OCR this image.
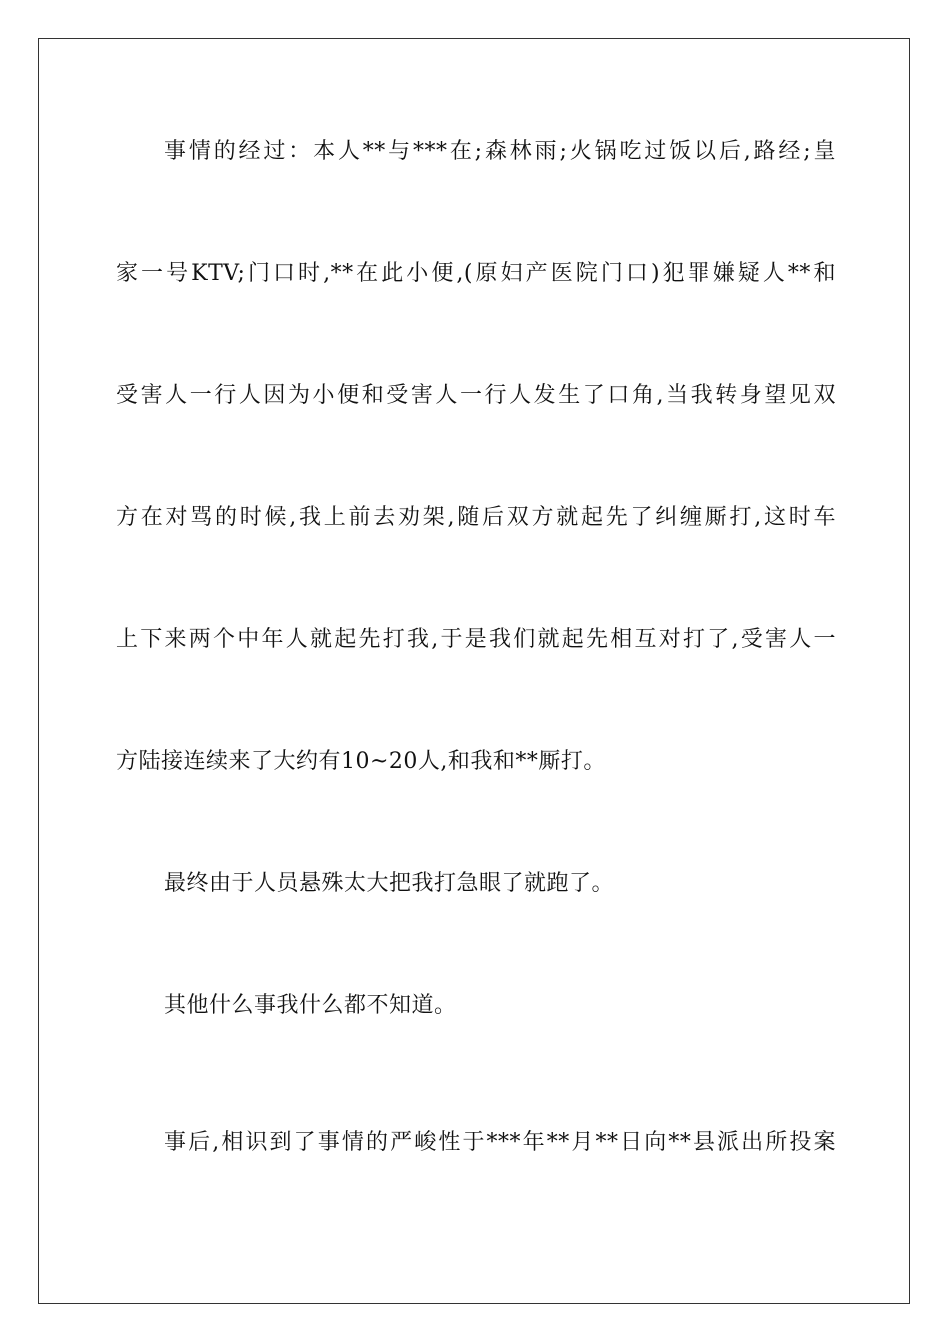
事情的经过：本人**与***在;森林雨;火锅吃过饭以后,路经;皇
家一号KTV;门口时,**在此小便,(原妇产医院门口)犯罪嫌疑人**和
受害人一行人因为小便和受害人一行人发生了口角,当我转身望见双
方在对骂的时候,我上前去劝架,随后双方就起先了纠缠厮打,这时车
上下来两个中年人就起先打我,于是我们就起先相互对打了,受害人一
方陆接连续来了大约有10~20人,和我和**厮打。
最终由于人员悬殊太大把我打急眼了就跑了。
其他什么事我什么都不知道。
事后,相识到了事情的严峻性于***年**月**日向**县派出所投案
